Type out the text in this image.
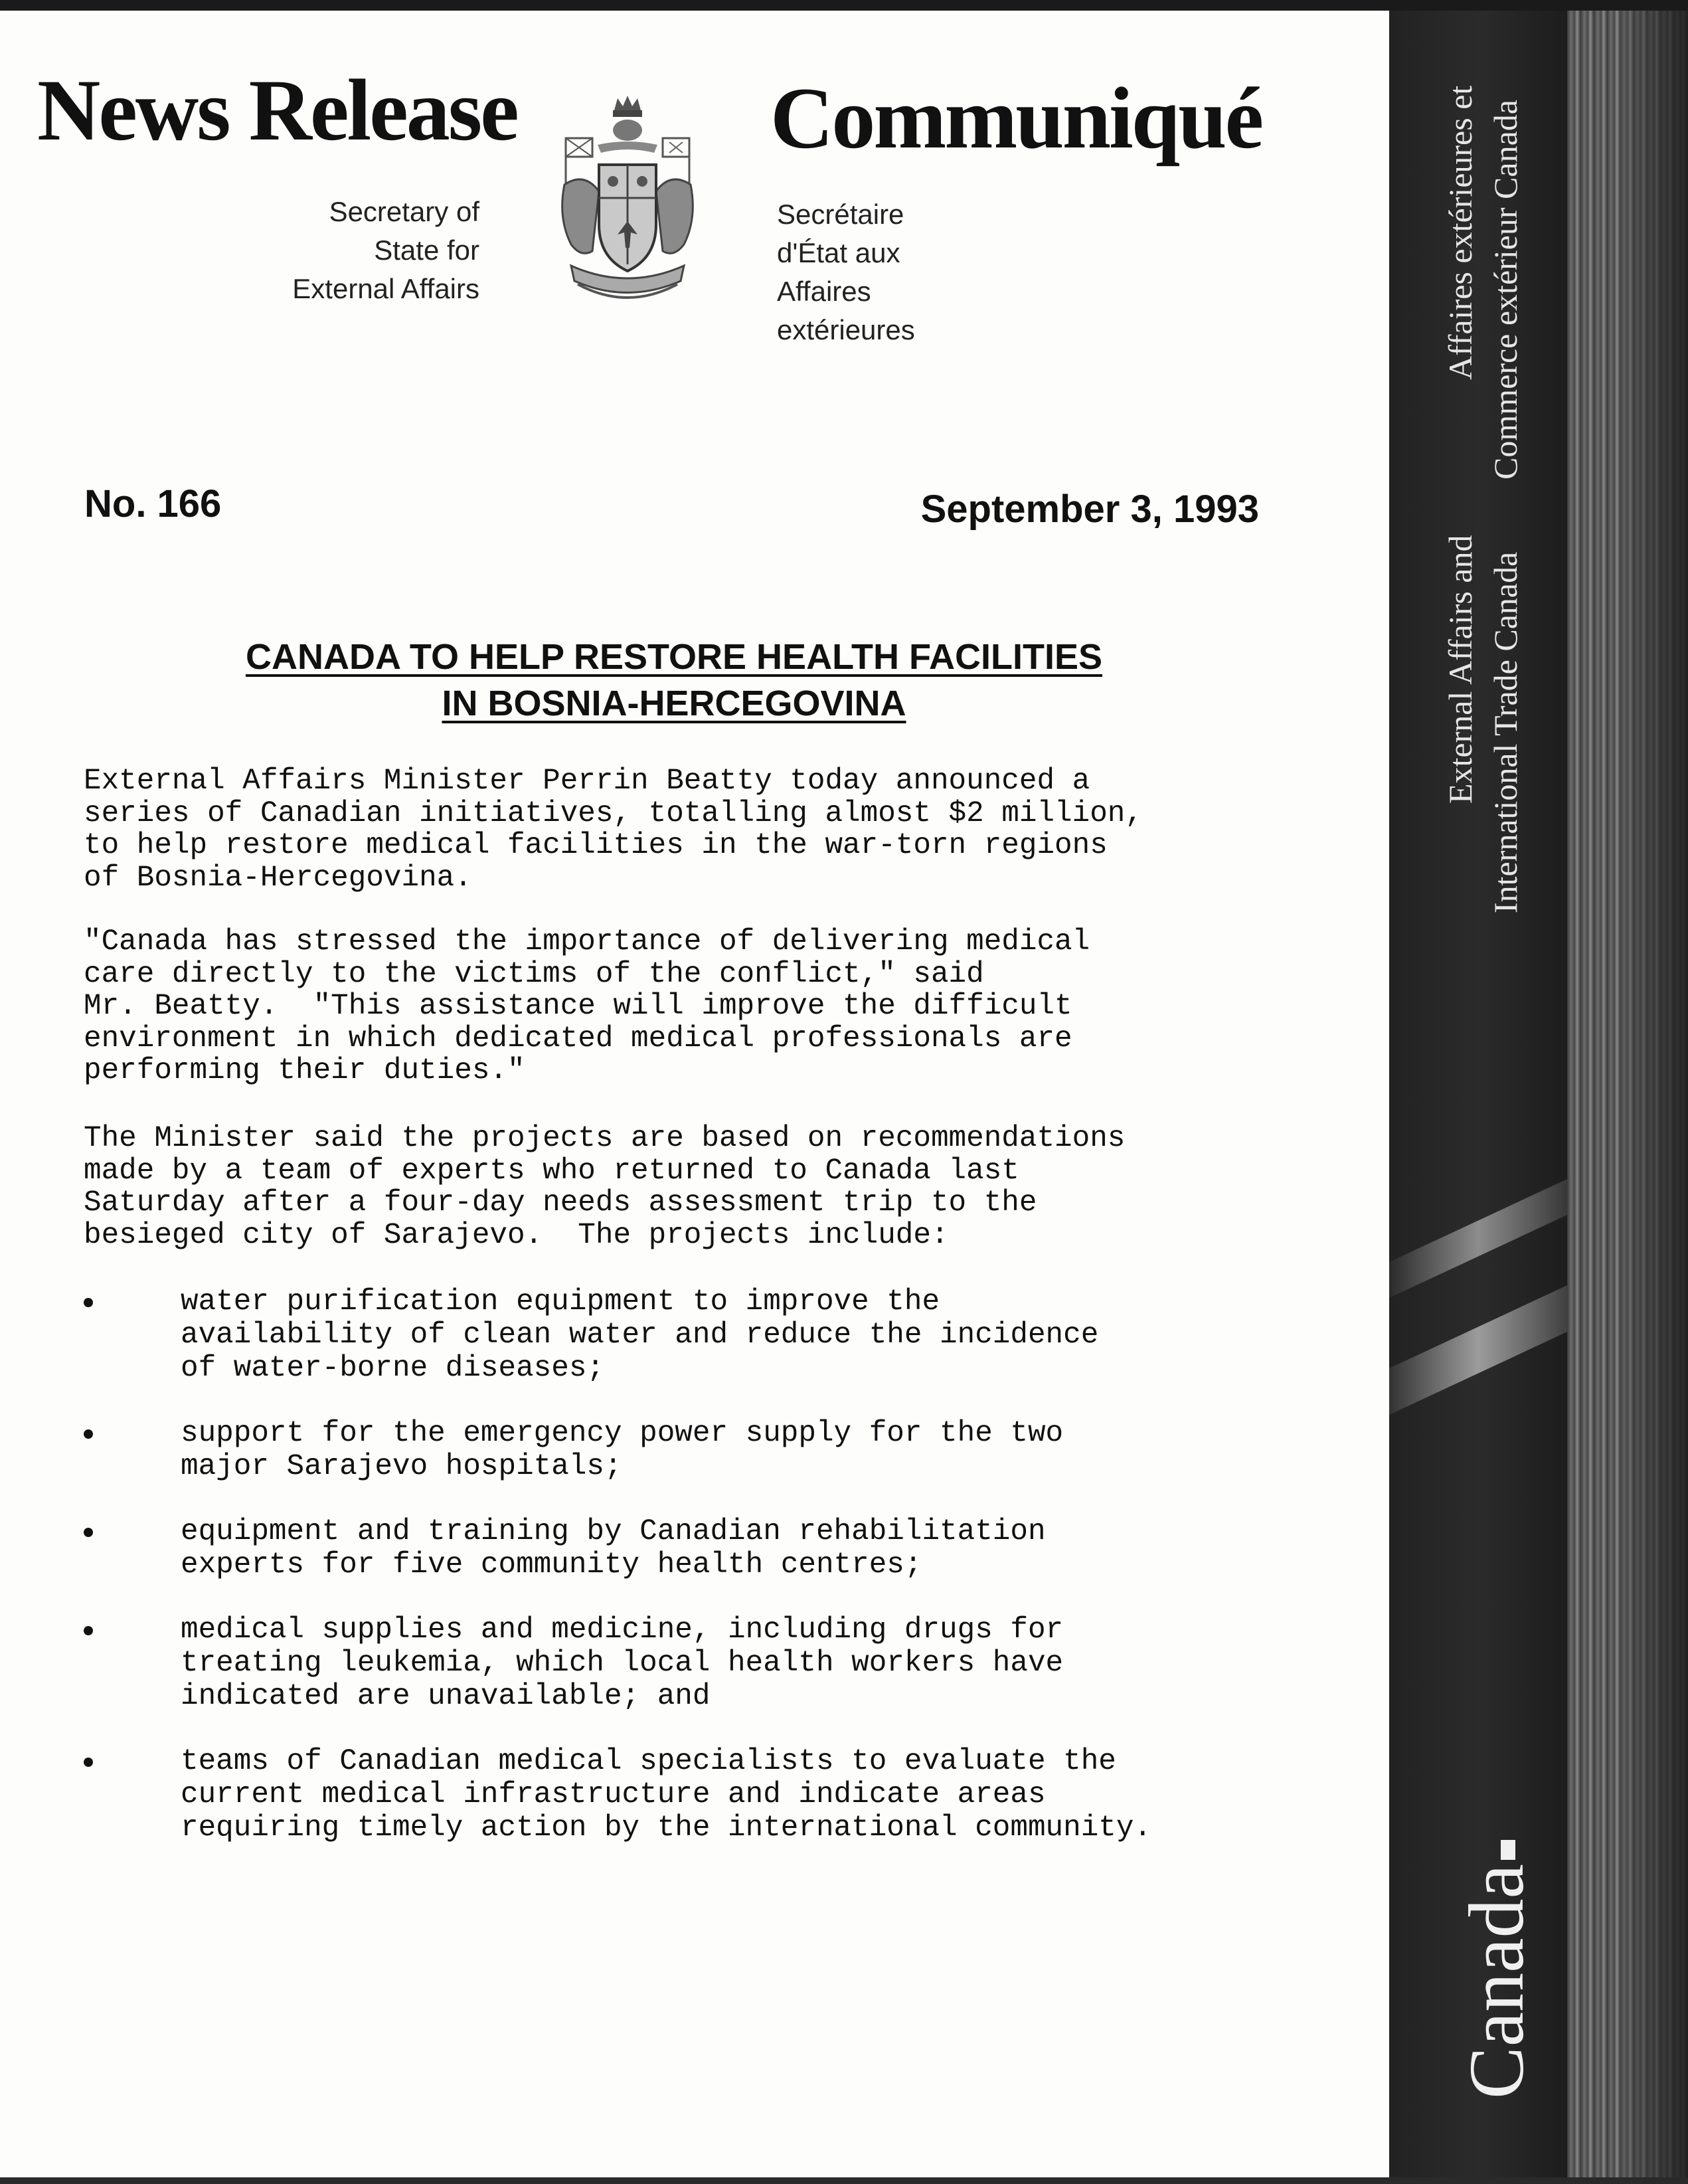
News Release	Communiqué
Secretary of
State for
External Affairs
Secrétaire
d'État aux
Affaires
extérieures
No. 166	September 3, 1993
CANADA TO HELP RESTORE HEALTH FACILITIES
IN BOSNIA-HERCEGOVINA
External Affairs Minister Perrin Beatty today announced a
series of Canadian initiatives, totalling almost $2 million,
to help restore medical facilities in the war-torn regions
of Bosnia-Hercegovina.
"Canada has stressed the importance of delivering medical
care directly to the victims of the conflict," said
Mr. Beatty.  "This assistance will improve the difficult
environment in which dedicated medical professionals are
performing their duties."
The Minister said the projects are based on recommendations
made by a team of experts who returned to Canada last
Saturday after a four-day needs assessment trip to the
besieged city of Sarajevo.  The projects include:
water purification equipment to improve the
availability of clean water and reduce the incidence
of water-borne diseases;
support for the emergency power supply for the two
major Sarajevo hospitals;
equipment and training by Canadian rehabilitation
experts for five community health centres;
medical supplies and medicine, including drugs for
treating leukemia, which local health workers have
indicated are unavailable; and
teams of Canadian medical specialists to evaluate the
current medical infrastructure and indicate areas
requiring timely action by the international community.
External Affairs and International Trade Canada
Affaires extérieures et Commerce extérieur Canada
Canada
